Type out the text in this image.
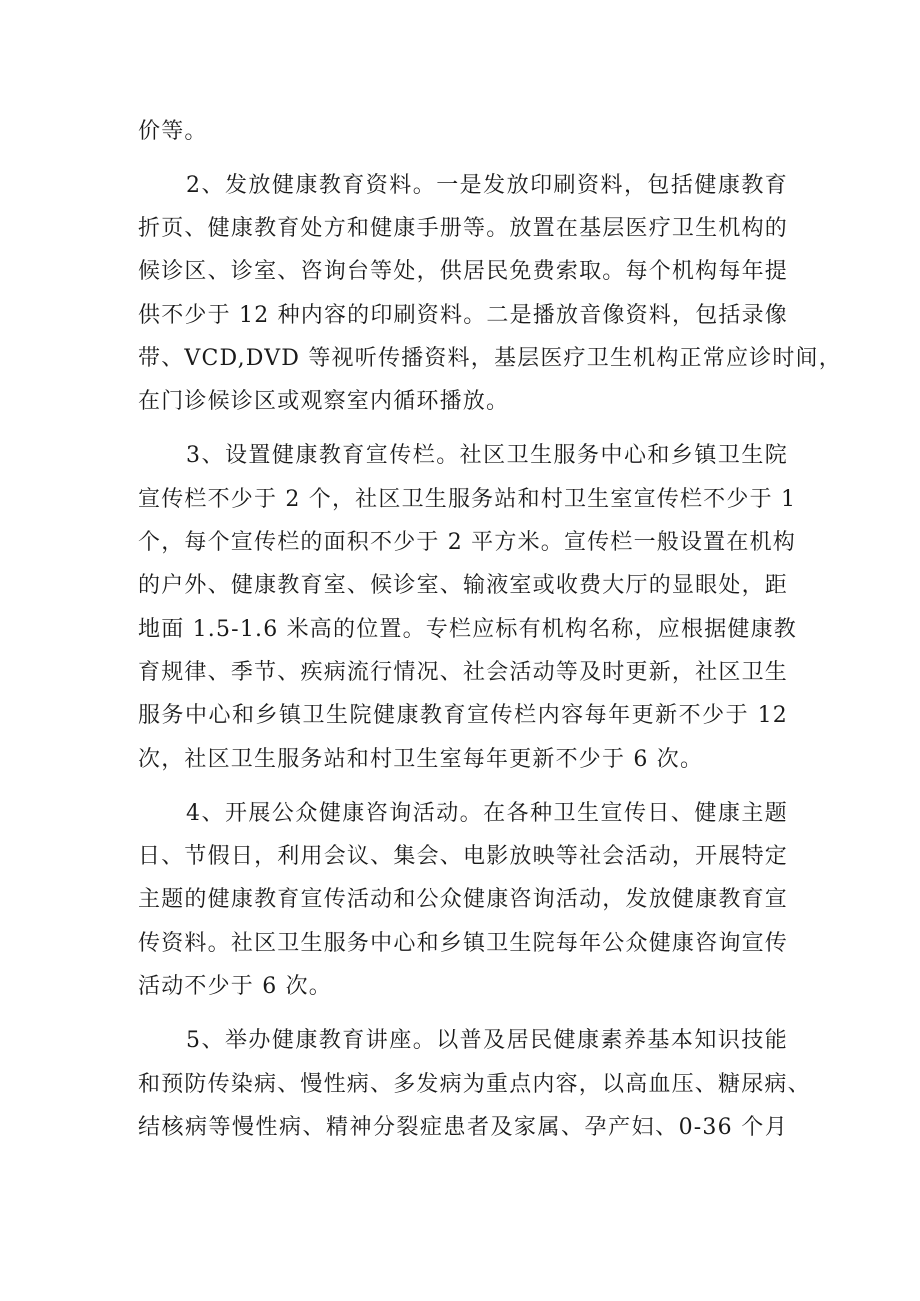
价等。
2、发放健康教育资料。一是发放印刷资料，包括健康教育
折页、健康教育处方和健康手册等。放置在基层医疗卫生机构的
候诊区、诊室、咨询台等处，供居民免费索取。每个机构每年提
供不少于 12 种内容的印刷资料。二是播放音像资料，包括录像
带、VCD,DVD 等视听传播资料，基层医疗卫生机构正常应诊时间，
在门诊候诊区或观察室内循环播放。
3、设置健康教育宣传栏。社区卫生服务中心和乡镇卫生院
宣传栏不少于 2 个，社区卫生服务站和村卫生室宣传栏不少于 1
个，每个宣传栏的面积不少于 2 平方米。宣传栏一般设置在机构
的户外、健康教育室、候诊室、输液室或收费大厅的显眼处，距
地面 1.5-1.6 米高的位置。专栏应标有机构名称，应根据健康教
育规律、季节、疾病流行情况、社会活动等及时更新，社区卫生
服务中心和乡镇卫生院健康教育宣传栏内容每年更新不少于 12
次，社区卫生服务站和村卫生室每年更新不少于 6 次。
4、开展公众健康咨询活动。在各种卫生宣传日、健康主题
日、节假日，利用会议、集会、电影放映等社会活动，开展特定
主题的健康教育宣传活动和公众健康咨询活动，发放健康教育宣
传资料。社区卫生服务中心和乡镇卫生院每年公众健康咨询宣传
活动不少于 6 次。
5、举办健康教育讲座。以普及居民健康素养基本知识技能
和预防传染病、慢性病、多发病为重点内容，以高血压、糖尿病、
结核病等慢性病、精神分裂症患者及家属、孕产妇、0-36 个月
